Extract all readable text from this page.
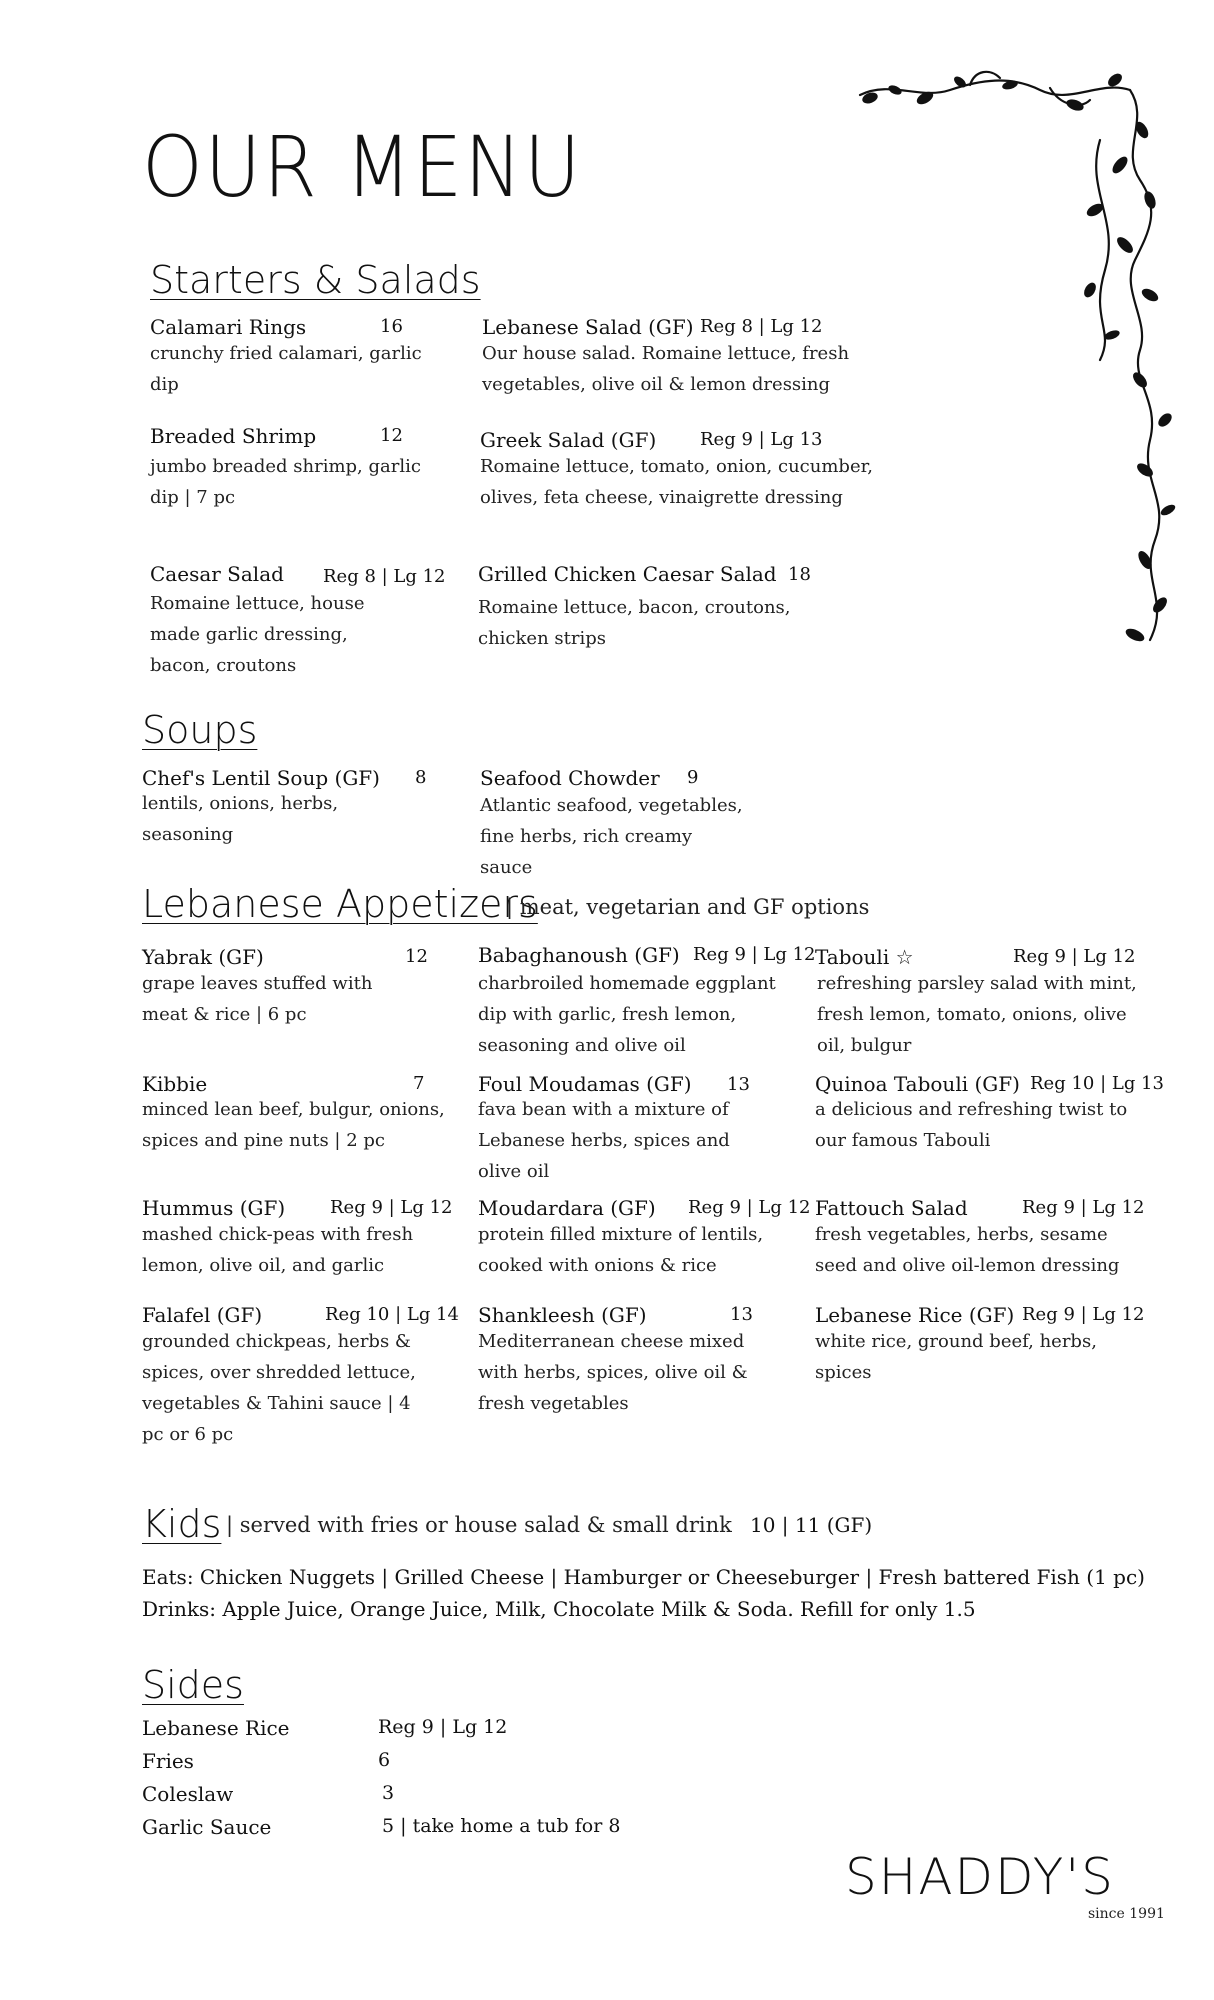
OUR MENU
Starters & Salads
Calamari Rings	16
crunchy fried calamari, garlic dip
Lebanese Salad (GF) Reg 8 | Lg 12
Our house salad. Romaine lettuce, fresh vegetables, olive oil & lemon dressing
Breaded Shrimp	12
jumbo breaded shrimp, garlic dip | 7 pc
Greek Salad (GF) Reg 9 | Lg 13
Romaine lettuce, tomato, onion, cucumber, olives, feta cheese, vinaigrette dressing
Caesar Salad Reg 8 | Lg 12
Romaine lettuce, house made garlic dressing, bacon, croutons
Grilled Chicken Caesar Salad 18
Romaine lettuce, bacon, croutons, chicken strips
Soups
Chef's Lentil Soup (GF) 8
lentils, onions, herbs, seasoning
Seafood Chowder 9
Atlantic seafood, vegetables, fine herbs, rich creamy sauce
Lebanese Appetizers
| meat, vegetarian and GF options
Yabrak (GF)	12
grape leaves stuffed with meat & rice | 6 pc
Babaghanoush (GF) Reg 9 | Lg 12
charbroiled homemade eggplant dip with garlic, fresh lemon, seasoning and olive oil
Tabouli ☆	Reg 9 | Lg 12
refreshing parsley salad with mint, fresh lemon, tomato, onions, olive oil, bulgur
Kibbie	7
minced lean beef, bulgur, onions, spices and pine nuts | 2 pc
Foul Moudamas (GF) 13
fava bean with a mixture of Lebanese herbs, spices and olive oil
Quinoa Tabouli (GF) Reg 10 | Lg 13
a delicious and refreshing twist to our famous Tabouli
Hummus (GF) Reg 9 | Lg 12
mashed chick-peas with fresh lemon, olive oil, and garlic
Moudardara (GF) Reg 9 | Lg 12
protein filled mixture of lentils, cooked with onions & rice
Fattouch Salad	Reg 9 | Lg 12
fresh vegetables, herbs, sesame seed and olive oil-lemon dressing
Falafel (GF)	Reg 10 | Lg 14
grounded chickpeas, herbs & spices, over shredded lettuce, vegetables & Tahini sauce | 4 pc or 6 pc
Shankleesh (GF)	13
Mediterranean cheese mixed with herbs, spices, olive oil & fresh vegetables
Lebanese Rice (GF) Reg 9 | Lg 12
white rice, ground beef, herbs, spices
Kids | served with fries or house salad & small drink 10 | 11 (GF)
Eats: Chicken Nuggets | Grilled Cheese | Hamburger or Cheeseburger | Fresh battered Fish (1 pc)
Drinks: Apple Juice, Orange Juice, Milk, Chocolate Milk & Soda. Refill for only 1.5
Sides
Lebanese Rice	Reg 9 | Lg 12
Fries	6
Coleslaw	3
Garlic Sauce	5 | take home a tub for 8
SHADDY'S
since 1991
